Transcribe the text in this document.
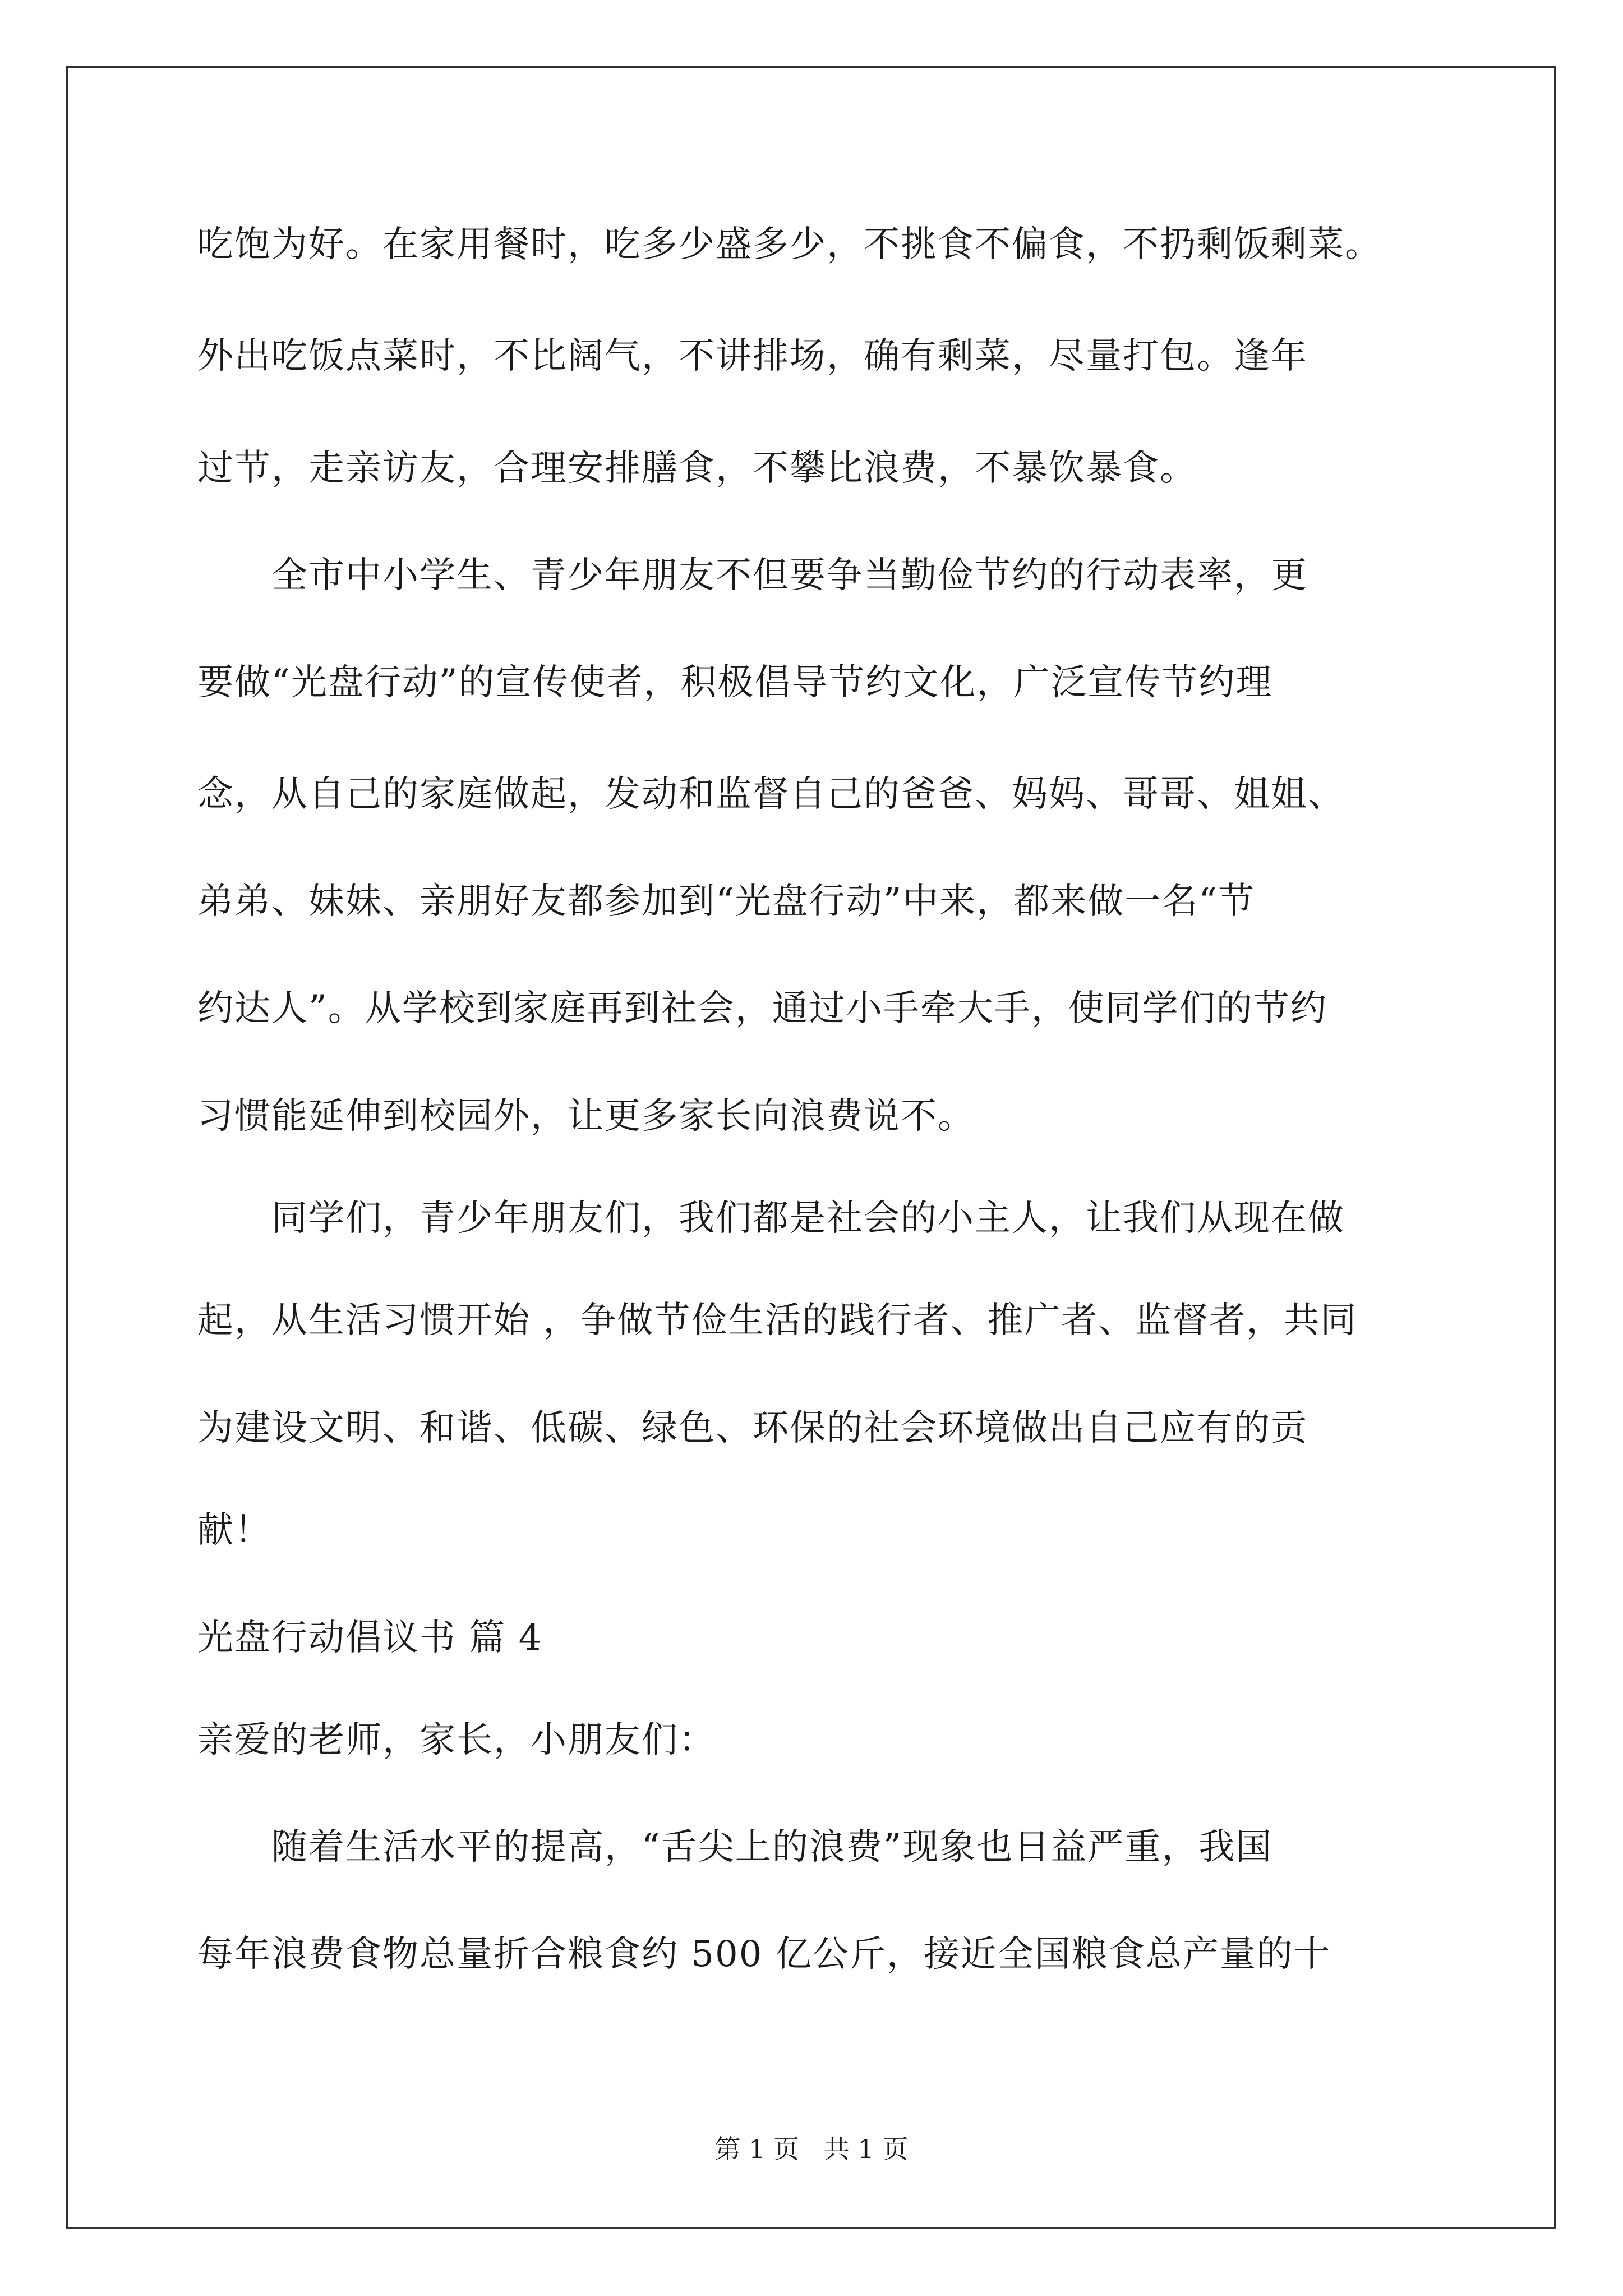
吃饱为好。在家用餐时，吃多少盛多少，不挑食不偏食，不扔剩饭剩菜。
外出吃饭点菜时，不比阔气，不讲排场，确有剩菜，尽量打包。逢年
过节，走亲访友，合理安排膳食，不攀比浪费，不暴饮暴食。
　　全市中小学生、青少年朋友不但要争当勤俭节约的行动表率，更
要做“光盘行动”的宣传使者，积极倡导节约文化，广泛宣传节约理
念，从自己的家庭做起，发动和监督自己的爸爸、妈妈、哥哥、姐姐、
弟弟、妹妹、亲朋好友都参加到“光盘行动”中来，都来做一名“节
约达人”。从学校到家庭再到社会，通过小手牵大手，使同学们的节约
习惯能延伸到校园外，让更多家长向浪费说不。
　　同学们，青少年朋友们，我们都是社会的小主人，让我们从现在做
起，从生活习惯开始 ，争做节俭生活的践行者、推广者、监督者，共同
为建设文明、和谐、低碳、绿色、环保的社会环境做出自己应有的贡
献！
光盘行动倡议书 篇 4
亲爱的老师，家长，小朋友们：
　　随着生活水平的提高，“舌尖上的浪费”现象也日益严重，我国
每年浪费食物总量折合粮食约 500 亿公斤，接近全国粮食总产量的十
第 1 页   共 1 页
